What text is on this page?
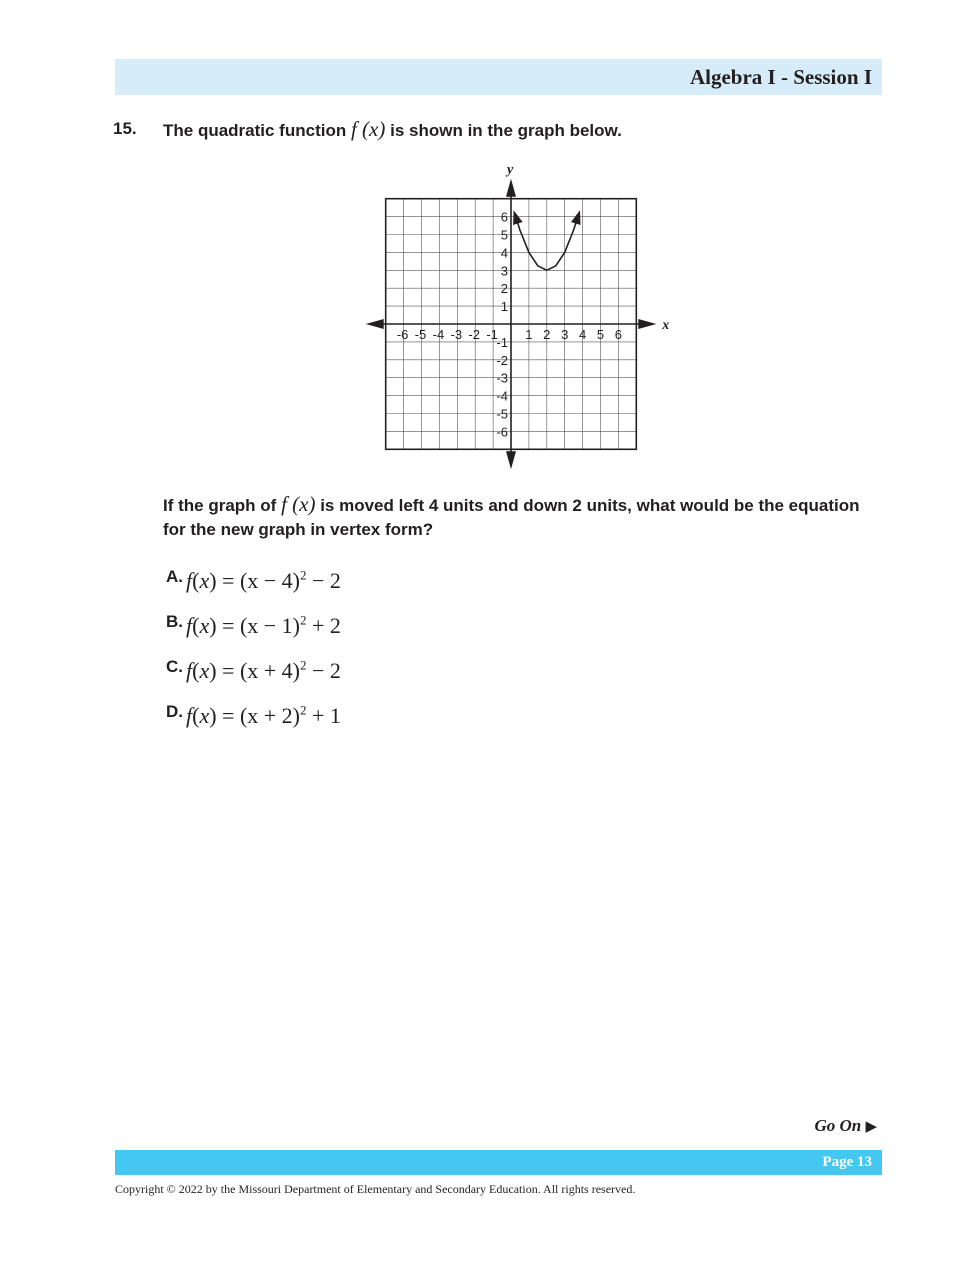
Algebra I - Session I
15. The quadratic function f (x) is shown in the graph below.
x
y
-6 -5 -4 -3 -2 -1 1 2 3 4 5 6
6
5
4
3
2
1
-1
-2
-3
-4
-5
-6
If the graph of f (x) is moved left 4 units and down 2 units, what would be the equation for the new graph in vertex form?
A. $f(x) = (x - 4)^2 - 2$
B. $f(x) = (x - 1)^2 + 2$
C. $f(x) = (x + 4)^2 - 2$
D. $f(x) = (x + 2)^2 + 1$
Go On ▶
Page 13
Copyright © 2022 by the Missouri Department of Elementary and Secondary Education. All rights reserved.
